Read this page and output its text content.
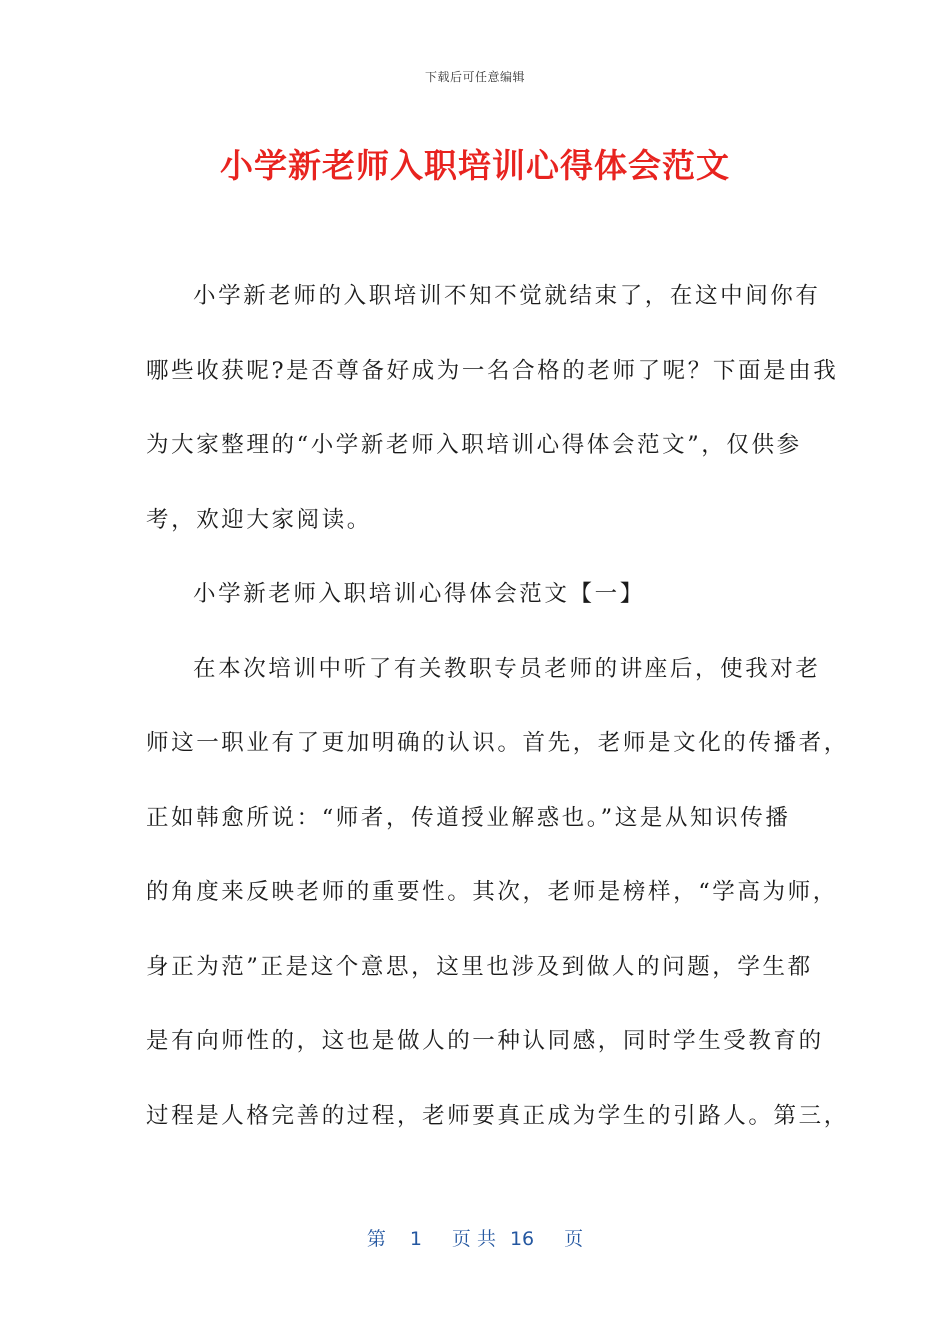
下载后可任意编辑
小学新老师入职培训心得体会范文
小学新老师的入职培训不知不觉就结束了，在这中间你有
哪些收获呢?是否尊备好成为一名合格的老师了呢？下面是由我
为大家整理的“小学新老师入职培训心得体会范文”，仅供参
考，欢迎大家阅读。
小学新老师入职培训心得体会范文【一】
在本次培训中听了有关教职专员老师的讲座后，使我对老
师这一职业有了更加明确的认识。首先，老师是文化的传播者，
正如韩愈所说：“师者，传道授业解惑也。”这是从知识传播
的角度来反映老师的重要性。其次，老师是榜样，“学高为师，
身正为范”正是这个意思，这里也涉及到做人的问题，学生都
是有向师性的，这也是做人的一种认同感，同时学生受教育的
过程是人格完善的过程，老师要真正成为学生的引路人。第三，
第 1 页 共 16 页
